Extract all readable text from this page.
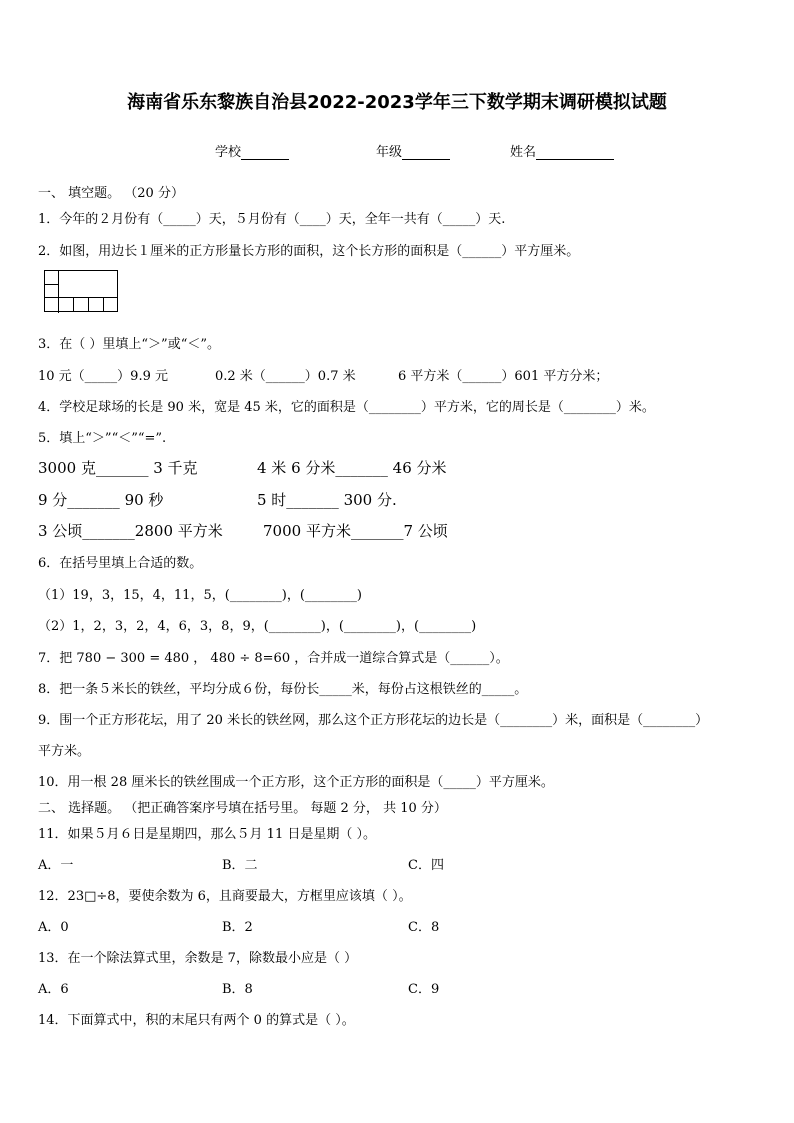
海南省乐东黎族自治县2022-2023学年三下数学期末调研模拟试题
学校	年级	姓名
一、 填空题。 （20 分）
1．今年的２月份有（_____）天，５月份有（____）天，全年一共有（_____）天.
2．如图，用边长１厘米的正方形量长方形的面积，这个长方形的面积是（______）平方厘米。
3．在（ ）里填上“＞”或“＜”。
10 元（_____）9.9 元	0.2 米（______）0.7 米	6 平方米（______）601 平方分米；
4．学校足球场的长是 90 米，宽是 45 米，它的面积是（________）平方米，它的周长是（________）米。
5．填上“＞”“＜”“=”.
3000 克_______ 3 千克	4 米 6 分米_______ 46 分米
9 分_______ 90 秒	5 时_______ 300 分.
3 公顷_______2800 平方米	7000 平方米_______7 公顷
6．在括号里填上合适的数。
（1）19，3，15，4，11，5，(________)，(________)
（2）1，2，3，2，4，6，3，8，9，(________)，(________)，(________)
7．把 780 − 300 = 480 ， 480 ÷ 8=60 ，合并成一道综合算式是（______）。
8．把一条５米长的铁丝，平均分成６份，每份长_____米，每份占这根铁丝的_____。
9．围一个正方形花坛，用了 20 米长的铁丝网，那么这个正方形花坛的边长是（________）米，面积是（________）
平方米。
10．用一根 28 厘米长的铁丝围成一个正方形，这个正方形的面积是（_____）平方厘米。
二、 选择题。 （把正确答案序号填在括号里。 每题 2 分， 共 10 分）
11．如果５月６日是星期四，那么５月 11 日是星期（ ）。
A．一	B．二	C．四
12．23□÷8，要使余数为 6，且商要最大，方框里应该填（ ）。
A．0	B．2	C．8
13．在一个除法算式里，余数是 7，除数最小应是（ ）
A．6	B．8	C．9
14．下面算式中，积的末尾只有两个 0 的算式是（ ）。
